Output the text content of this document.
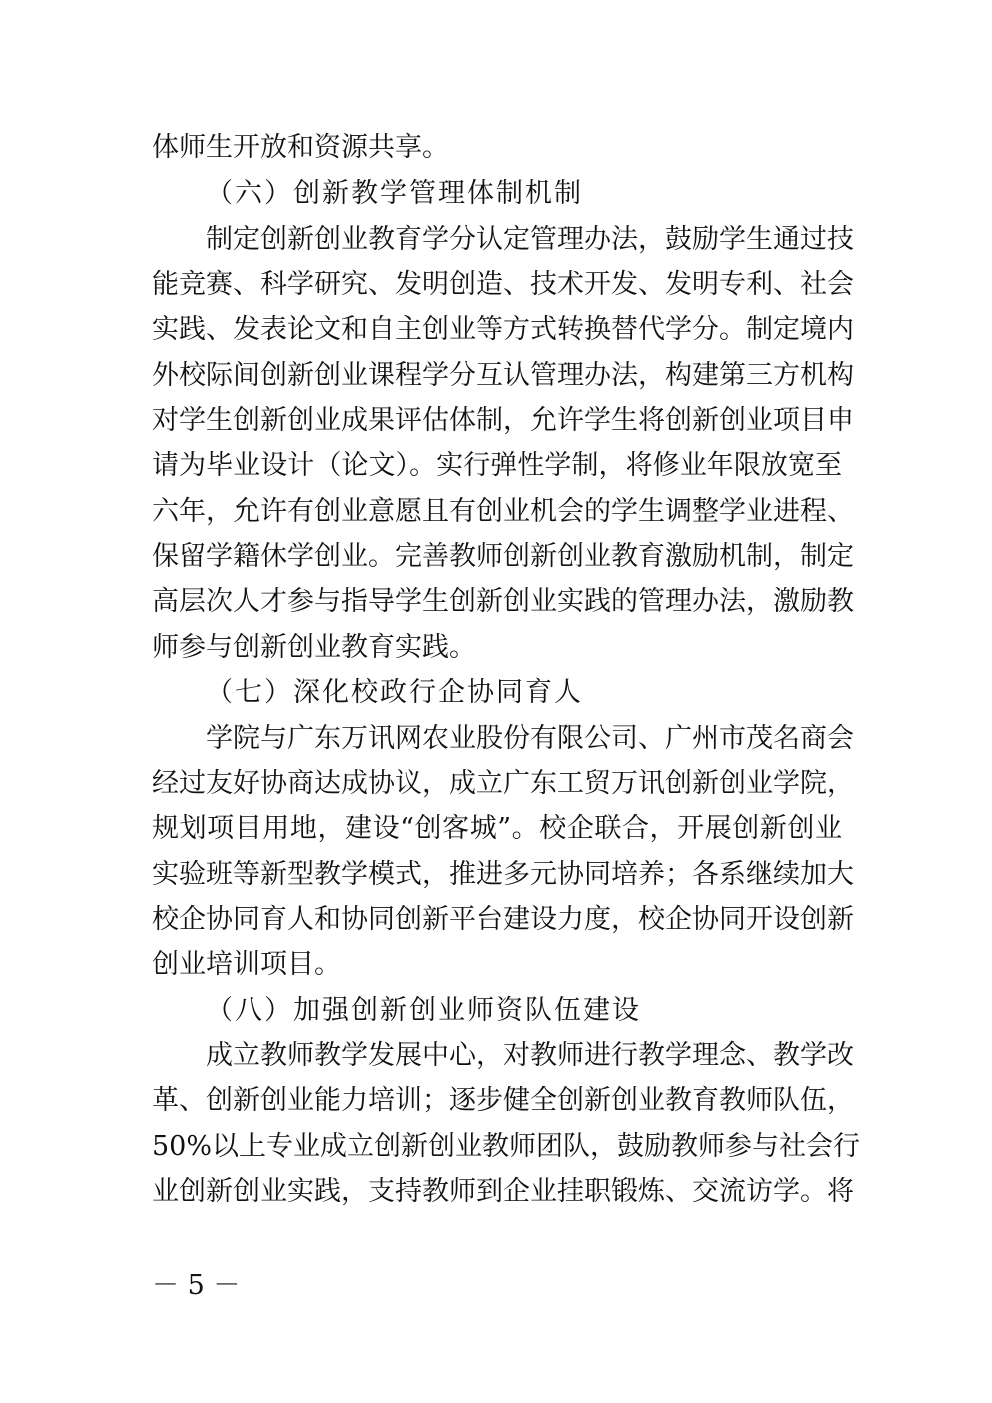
体师生开放和资源共享。
（六）创新教学管理体制机制
制定创新创业教育学分认定管理办法，鼓励学生通过技
能竞赛、科学研究、发明创造、技术开发、发明专利、社会
实践、发表论文和自主创业等方式转换替代学分。制定境内
外校际间创新创业课程学分互认管理办法，构建第三方机构
对学生创新创业成果评估体制，允许学生将创新创业项目申
请为毕业设计（论文）。实行弹性学制，将修业年限放宽至
六年，允许有创业意愿且有创业机会的学生调整学业进程、
保留学籍休学创业。完善教师创新创业教育激励机制，制定
高层次人才参与指导学生创新创业实践的管理办法，激励教
师参与创新创业教育实践。
（七）深化校政行企协同育人
学院与广东万讯网农业股份有限公司、广州市茂名商会
经过友好协商达成协议，成立广东工贸万讯创新创业学院，
规划项目用地，建设“创客城”。校企联合，开展创新创业
实验班等新型教学模式，推进多元协同培养；各系继续加大
校企协同育人和协同创新平台建设力度，校企协同开设创新
创业培训项目。
（八）加强创新创业师资队伍建设
成立教师教学发展中心，对教师进行教学理念、教学改
革、创新创业能力培训；逐步健全创新创业教育教师队伍，
50%以上专业成立创新创业教师团队，鼓励教师参与社会行
业创新创业实践，支持教师到企业挂职锻炼、交流访学。将
－ 5 －
